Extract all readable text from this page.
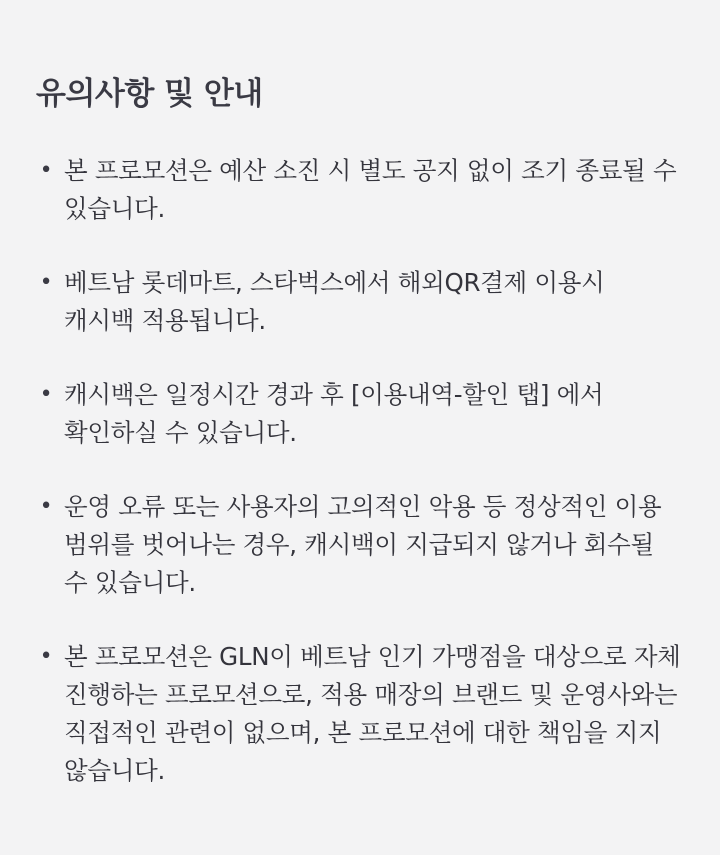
유의사항 및 안내
• 본 프로모션은 예산 소진 시 별도 공지 없이 조기 종료될 수 있습니다.
• 베트남 롯데마트, 스타벅스에서 해외QR결제 이용시 캐시백 적용됩니다.
• 캐시백은 일정시간 경과 후 [이용내역-할인 탭] 에서 확인하실 수 있습니다.
• 운영 오류 또는 사용자의 고의적인 악용 등 정상적인 이용 범위를 벗어나는 경우, 캐시백이 지급되지 않거나 회수될 수 있습니다.
• 본 프로모션은 GLN이 베트남 인기 가맹점을 대상으로 자체 진행하는 프로모션으로, 적용 매장의 브랜드 및 운영사와는 직접적인 관련이 없으며, 본 프로모션에 대한 책임을 지지 않습니다.
